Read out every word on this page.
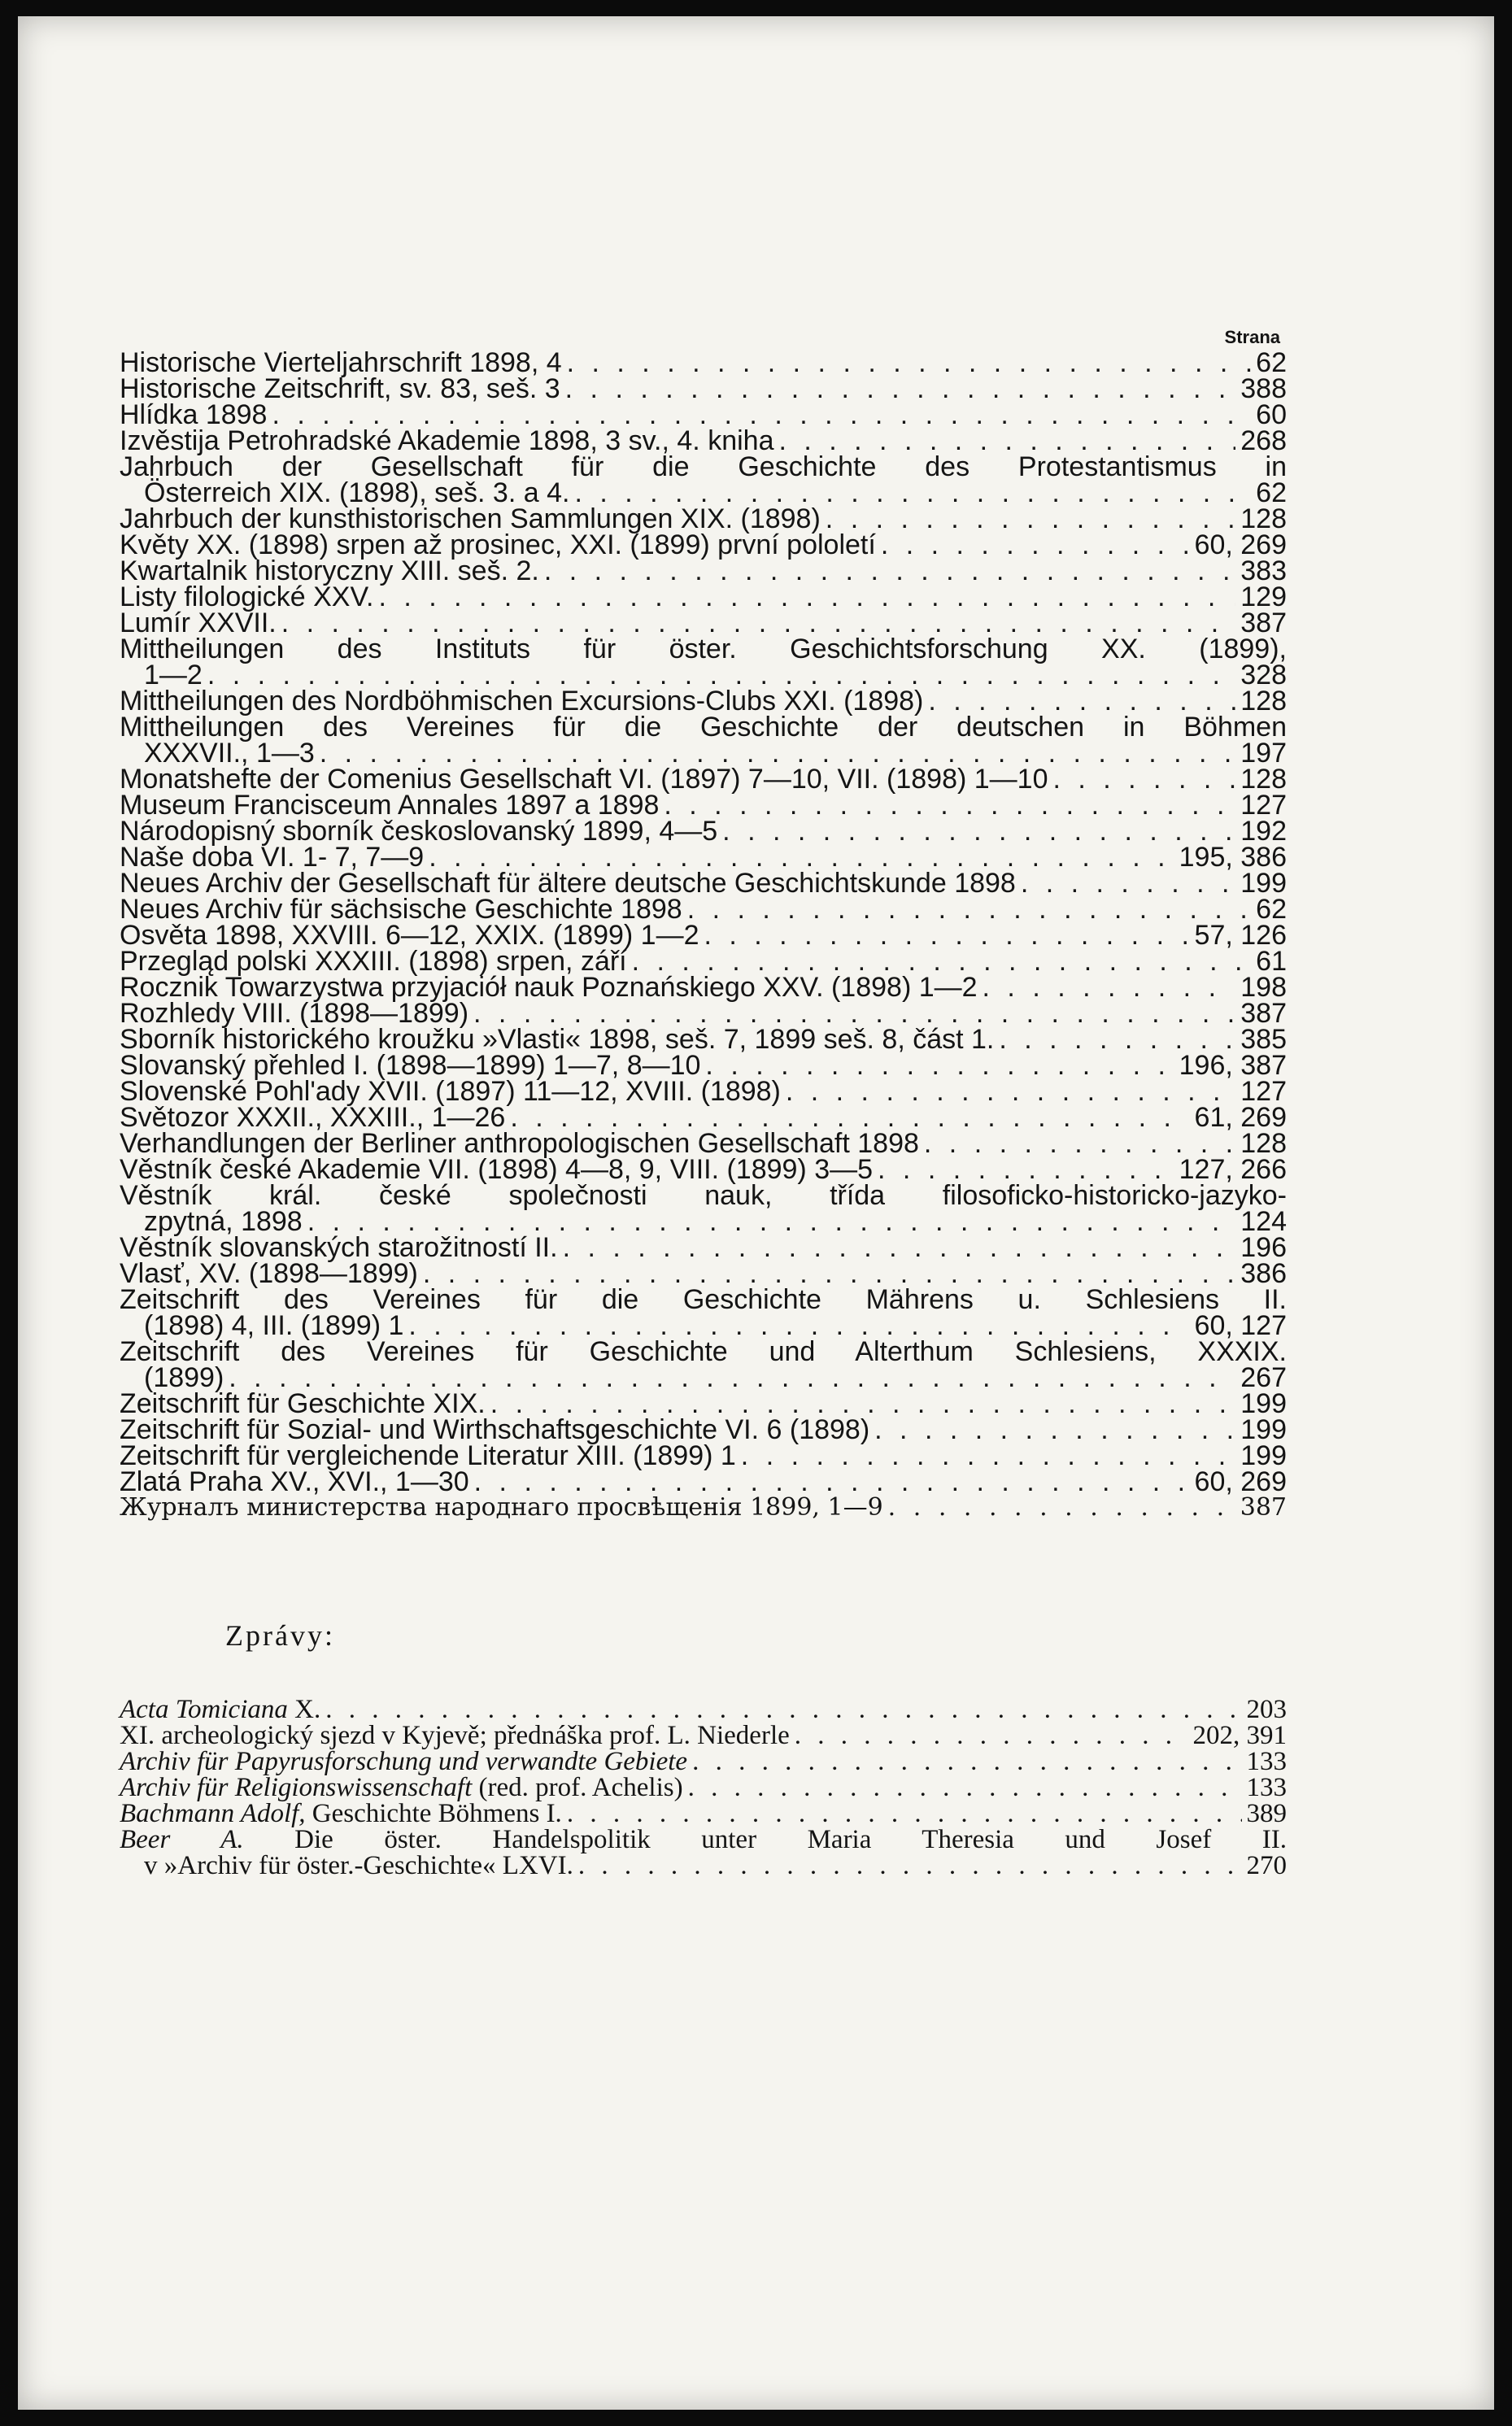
Strana
Historische Vierteljahrschrift 1898, 4 . . .	62
Historische Zeitschrift, sv. 83, seš. 3 . . .	388
Hlídka 1898 . . .	60
Izvěstija Petrohradské Akademie 1898, 3 sv., 4. kniha . . .	268
Jahrbuch der Gesellschaft für die Geschichte des Protestantismus in
Österreich XIX. (1898), seš. 3. a 4. . . .	62
Jahrbuch der kunsthistorischen Sammlungen XIX. (1898) . . .	128
Květy XX. (1898) srpen až prosinec, XXI. (1899) první pololetí . . .	60, 269
Kwartalnik historyczny XIII. seš. 2. . . .	383
Listy filologické XXV. . . .	129
Lumír XXVII. . . .	387
Mittheilungen des Instituts für öster. Geschichtsforschung XX. (1899),
1—2 . . .	328
Mittheilungen des Nordböhmischen Excursions-Clubs XXI. (1898) . . .	128
Mittheilungen des Vereines für die Geschichte der deutschen in Böhmen
XXXVII., 1—3 . . .	197
Monatshefte der Comenius Gesellschaft VI. (1897) 7—10, VII. (1898) 1—10 . . .	128
Museum Francisceum Annales 1897 a 1898 . . .	127
Národopisný sborník českoslovanský 1899, 4—5 . . .	192
Naše doba VI. 1- 7, 7—9 . . .	195, 386
Neues Archiv der Gesellschaft für ältere deutsche Geschichtskunde 1898 . . .	199
Neues Archiv für sächsische Geschichte 1898 . . .	62
Osvěta 1898, XXVIII. 6—12, XXIX. (1899) 1—2 . . .	57, 126
Przegląd polski XXXIII. (1898) srpen, září . . .	61
Rocznik Towarzystwa przyjaciół nauk Poznańskiego XXV. (1898) 1—2 . . .	198
Rozhledy VIII. (1898—1899) . . .	387
Sborník historického kroužku »Vlasti« 1898, seš. 7, 1899 seš. 8, část 1. . . .	385
Slovanský přehled I. (1898—1899) 1—7, 8—10 . . .	196, 387
Slovenské Pohl'ady XVII. (1897) 11—12, XVIII. (1898) . . .	127
Světozor XXXII., XXXIII., 1—26 . . .	61, 269
Verhandlungen der Berliner anthropologischen Gesellschaft 1898 . . .	128
Věstník české Akademie VII. (1898) 4—8, 9, VIII. (1899) 3—5 . . .	127, 266
Věstník král. české společnosti nauk, třída filosoficko-historicko-jazyko-
zpytná, 1898 . . .	124
Věstník slovanských starožitností II. . . .	196
Vlasť, XV. (1898—1899) . . .	386
Zeitschrift des Vereines für die Geschichte Mährens u. Schlesiens II.
(1898) 4, III. (1899) 1 . . .	60, 127
Zeitschrift des Vereines für Geschichte und Alterthum Schlesiens, XXXIX.
(1899) . . .	267
Zeitschrift für Geschichte XIX. . . .	199
Zeitschrift für Sozial- und Wirthschaftsgeschichte VI. 6 (1898) . . .	199
Zeitschrift für vergleichende Literatur XIII. (1899) 1 . . .	199
Zlatá Praha XV., XVI., 1—30 . . .	60, 269
Журналъ министерства народнаго просвѣщенія 1899, 1—9 . . .	387
Zprávy:
Acta Tomiciana X. . . .	203
XI. archeologický sjezd v Kyjevě; přednáška prof. L. Niederle . . .	202, 391
Archiv für Papyrusforschung und verwandte Gebiete . . .	133
Archiv für Religionswissenschaft (red. prof. Achelis) . . .	133
Bachmann Adolf, Geschichte Böhmens I. . . .	389
Beer A. Die öster. Handelspolitik unter Maria Theresia und Josef II.
v »Archiv für öster.-Geschichte« LXVI. . . .	270
